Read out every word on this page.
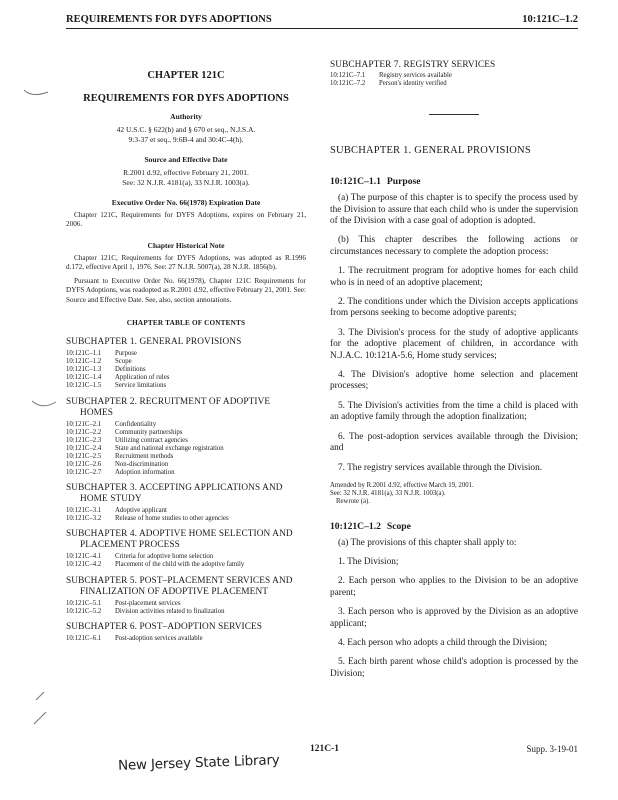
REQUIREMENTS FOR DYFS ADOPTIONS	10:121C–1.2
CHAPTER 121C
REQUIREMENTS FOR DYFS ADOPTIONS
Authority
42 U.S.C. § 622(b) and § 670 et seq., N.J.S.A.
9:3-37 et seq., 9:6B-4 and 30:4C-4(h).
Source and Effective Date
R.2001 d.92, effective February 21, 2001.
See: 32 N.J.R. 4181(a), 33 N.J.R. 1003(a).
Executive Order No. 66(1978) Expiration Date

Chapter 121C, Requirements for DYFS Adoptions, expires on February 21, 2006.

Chapter Historical Note

Chapter 121C, Requirements for DYFS Adoptions, was adopted as R.1996 d.172, effective April 1, 1976. See: 27 N.J.R. 5007(a), 28 N.J.R. 1856(b).

Pursuant to Executive Order No. 66(1978), Chapter 121C Requirements for DYFS Adoptions, was readopted as R.2001 d.92, effective February 21, 2001. See: Source and Effective Date. See, also, section annotations.

CHAPTER TABLE OF CONTENTS
SUBCHAPTER 1. GENERAL PROVISIONS
10:121C–1.1	Purpose
10:121C–1.2	Scope
10:121C–1.3	Definitions
10:121C–1.4	Application of rules
10:121C–1.5	Service limitations
SUBCHAPTER 2. RECRUITMENT OF ADOPTIVE
HOMES
10:121C–2.1	Confidentiality
10:121C–2.2	Community partnerships
10:121C–2.3	Utilizing contract agencies
10:121C–2.4	State and national exchange registration
10:121C–2.5	Recruitment methods
10:121C–2.6	Non-discrimination
10:121C–2.7	Adoption information
SUBCHAPTER 3. ACCEPTING APPLICATIONS AND
HOME STUDY
10:121C–3.1	Adoptive applicant
10:121C–3.2	Release of home studies to other agencies
SUBCHAPTER 4. ADOPTIVE HOME SELECTION AND
PLACEMENT PROCESS
10:121C–4.1	Criteria for adoptive home selection
10:121C–4.2	Placement of the child with the adoptive family
SUBCHAPTER 5. POST–PLACEMENT SERVICES AND
FINALIZATION OF ADOPTIVE PLACEMENT
10:121C–5.1	Post-placement services
10:121C–5.2	Division activities related to finalization
SUBCHAPTER 6. POST–ADOPTION SERVICES
10:121C–6.1	Post-adoption services available
SUBCHAPTER 7. REGISTRY SERVICES
10:121C–7.1	Registry services available
10:121C–7.2	Person's identity verified
SUBCHAPTER 1. GENERAL PROVISIONS
10:121C–1.1 Purpose

(a) The purpose of this chapter is to specify the process used by the Division to assure that each child who is under the supervision of the Division with a case goal of adoption is adopted.

(b) This chapter describes the following actions or circumstances necessary to complete the adoption process:

1. The recruitment program for adoptive homes for each child who is in need of an adoptive placement;

2. The conditions under which the Division accepts applications from persons seeking to become adoptive parents;

3. The Division's process for the study of adoptive applicants for the adoptive placement of children, in accordance with N.J.A.C. 10:121A-5.6, Home study services;

4. The Division's adoptive home selection and placement processes;

5. The Division's activities from the time a child is placed with an adoptive family through the adoption finalization;

6. The post-adoption services available through the Division; and

7. The registry services available through the Division.

Amended by R.2001 d.92, effective March 19, 2001.
See: 32 N.J.R. 4181(a), 33 N.J.R. 1003(a).
Rewrote (a).
10:121C–1.2 Scope

(a) The provisions of this chapter shall apply to:

1. The Division;

2. Each person who applies to the Division to be an adoptive parent;

3. Each person who is approved by the Division as an adoptive applicant;

4. Each person who adopts a child through the Division;

5. Each birth parent whose child's adoption is processed by the Division;

New Jersey State Library
121C-1	Supp. 3-19-01
